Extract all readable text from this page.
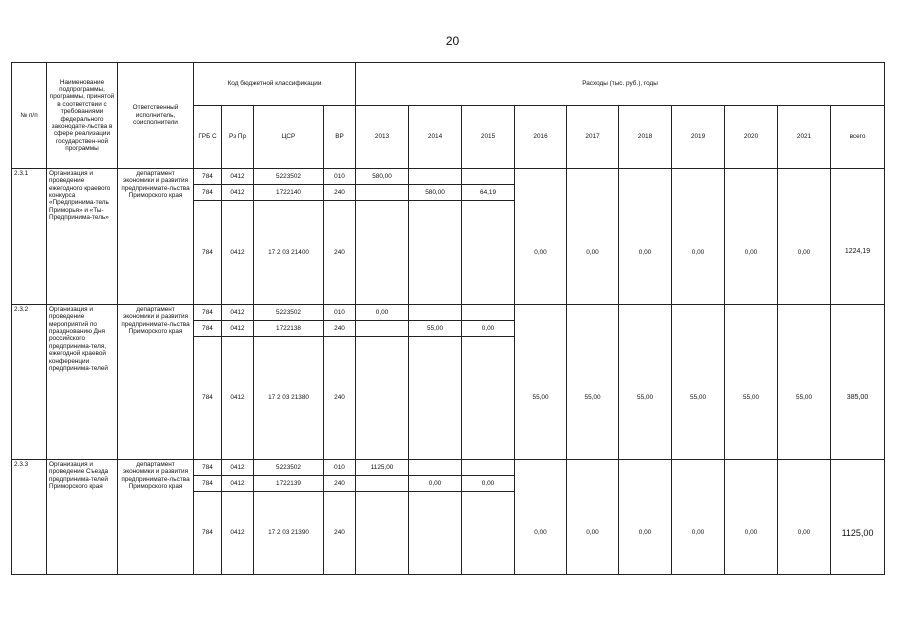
20
№ п/п	Наименование подпрограммы, программы, принятой в соответствии с требованиями федерального законодате-льства в сфере реализации государствен-ной программы	Ответственный исполнитель, соисполнители	Код бюджетной классификации				Расходы (тыс. руб.), годы									
			ГРБ С	Рз Пр	ЦСР	ВР	2013	2014	2015	2016	2017	2018	2019	2020	2021	всего
2.3.1	Организация и проведение ежегодного краевого конкурса «Предпринима-тель Приморья» и «Ты-Предпринима-тель»	департамент экономики и развития предпринимате-льства Приморского края	784	0412	5223502	010	580,00									
			784	0412	1722140	240		580,00	64,19							
			784	0412	17 2 03 21400	240				0,00	0,00	0,00	0,00	0,00	0,00	1224,19
2.3.2	Организация и проведение мероприятий по празднованию Дня российского предпринима-теля, ежегодной краевой конференции предпринима-телей	департамент экономики и развития предпринимате-льства Приморского края	784	0412	5223502	010	0,00									
			784	0412	1722138	240		55,00	0,00							
			784	0412	17 2 03 21380	240				55,00	55,00	55,00	55,00	55,00	55,00	385,00
2.3.3	Организация и проведение Съезда предпринима-телей Приморского края	департамент экономики и развития предпринимате-льства Приморского края	784	0412	5223502	010	1125,00									
			784	0412	1722139	240		0,00	0,00							
			784	0412	17 2 03 21390	240				0,00	0,00	0,00	0,00	0,00	0,00	1125,00
